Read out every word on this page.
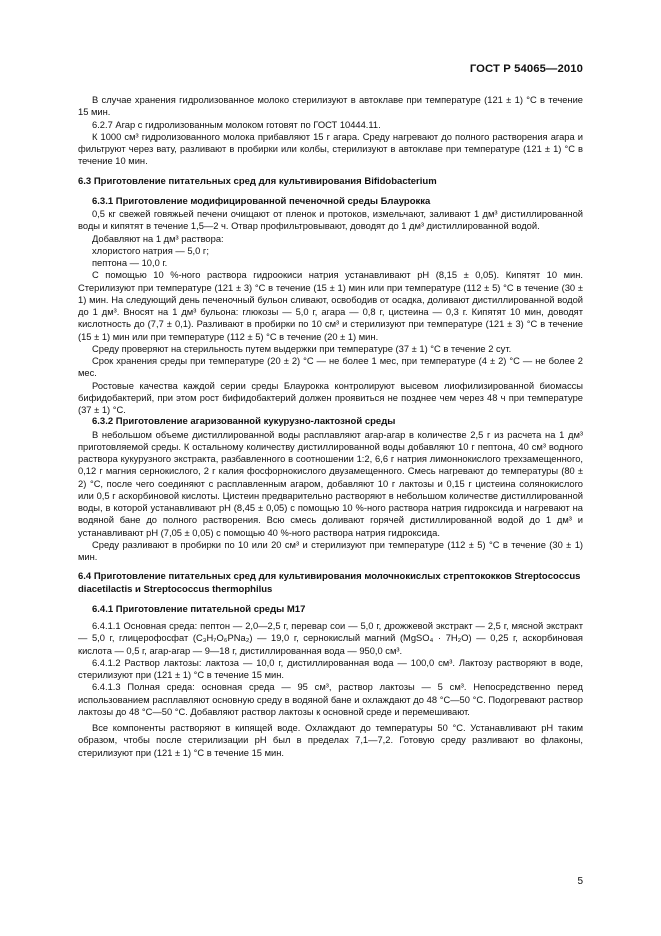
ГОСТ Р 54065—2010

В случае хранения гидролизованное молоко стерилизуют в автоклаве при температуре (121 ± 1) °С в течение 15 мин.

6.2.7 Агар с гидролизованным молоком готовят по ГОСТ 10444.11.

К 1000 см³ гидролизованного молока прибавляют 15 г агара. Среду нагревают до полного растворения агара и фильтруют через вату, разливают в пробирки или колбы, стерилизуют в автоклаве при температуре (121 ± 1) °С в течение 10 мин.

6.3 Приготовление питательных сред для культивирования Bifidobacterium
6.3.1 Приготовление модифицированной печеночной среды Блаурокка

0,5 кг свежей говяжьей печени очищают от пленок и протоков, измельчают, заливают 1 дм³ дистиллированной воды и кипятят в течение 1,5—2 ч. Отвар профильтровывают, доводят до 1 дм³ дистиллированной водой.

Добавляют на 1 дм³ раствора:

хлористого натрия — 5,0 г;

пептона — 10,0 г.

С помощью 10 %-ного раствора гидроокиси натрия устанавливают pH (8,15 ± 0,05). Кипятят 10 мин. Стерилизуют при температуре (121 ± 3) °С в течение (15 ± 1) мин или при температуре (112 ± 5) °С в течение (30 ± 1) мин. На следующий день печеночный бульон сливают, освободив от осадка, доливают дистиллированной водой до 1 дм³. Вносят на 1 дм³ бульона: глюкозы — 5,0 г, агара — 0,8 г, цистеина — 0,3 г. Кипятят 10 мин, доводят кислотность до (7,7 ± 0,1). Разливают в пробирки по 10 см³ и стерилизуют при температуре (121 ± 3) °С в течение (15 ± 1) мин или при температуре (112 ± 5) °С в течение (20 ± 1) мин.

Среду проверяют на стерильность путем выдержки при температуре (37 ± 1) °С в течение 2 сут.

Срок хранения среды при температуре (20 ± 2) °С — не более 1 мес, при температуре (4 ± 2) °С — не более 2 мес.

Ростовые качества каждой серии среды Блаурокка контролируют высевом лиофилизированной биомассы бифидобактерий, при этом рост бифидобактерий должен проявиться не позднее чем через 48 ч при температуре (37 ± 1) °С.

6.3.2 Приготовление агаризованной кукурузно-лактозной среды

В небольшом объеме дистиллированной воды расплавляют агар-агар в количестве 2,5 г из расчета на 1 дм³ приготовляемой среды. К остальному количеству дистиллированной воды добавляют 10 г пептона, 40 см³ водного раствора кукурузного экстракта, разбавленного в соотношении 1:2, 6,6 г натрия лимоннокислого трехзамещенного, 0,12 г магния сернокислого, 2 г калия фосфорнокислого двузамещенного. Смесь нагревают до температуры (80 ± 2) °С, после чего соединяют с расплавленным агаром, добавляют 10 г лактозы и 0,15 г цистеина солянокислого или 0,5 г аскорбиновой кислоты. Цистеин предварительно растворяют в небольшом количестве дистиллированной воды, в которой устанавливают pH (8,45 ± 0,05) с помощью 10 %-ного раствора натрия гидроксида и нагревают на водяной бане до полного растворения. Всю смесь доливают горячей дистиллированной водой до 1 дм³ и устанавливают pH (7,05 ± 0,05) с помощью 40 %-ного раствора натрия гидроксида.

Среду разливают в пробирки по 10 или 20 см³ и стерилизуют при температуре (112 ± 5) °С в течение (30 ± 1) мин.

6.4 Приготовление питательных сред для культивирования молочнокислых стрептококков Streptococcus diacetilactis и Streptococcus thermophilus
6.4.1 Приготовление питательной среды M17

6.4.1.1 Основная среда: пептон — 2,0—2,5 г, перевар сои — 5,0 г, дрожжевой экстракт — 2,5 г, мясной экстракт — 5,0 г, глицерофосфат (C₃H₇O₆PNa₂) — 19,0 г, сернокислый магний (MgSO₄ · 7H₂O) — 0,25 г, аскорбиновая кислота — 0,5 г, агар-агар — 9—18 г, дистиллированная вода — 950,0 см³.

6.4.1.2 Раствор лактозы: лактоза — 10,0 г, дистиллированная вода — 100,0 см³. Лактозу растворяют в воде, стерилизуют при (121 ± 1) °С в течение 15 мин.

6.4.1.3 Полная среда: основная среда — 95 см³, раствор лактозы — 5 см³. Непосредственно перед использованием расплавляют основную среду в водяной бане и охлаждают до 48 °С—50 °С. Подогревают раствор лактозы до 48 °С—50 °С. Добавляют раствор лактозы к основной среде и перемешивают.

Все компоненты растворяют в кипящей воде. Охлаждают до температуры 50 °С. Устанавливают pH таким образом, чтобы после стерилизации pH был в пределах 7,1—7,2. Готовую среду разливают во флаконы, стерилизуют при (121 ± 1) °С в течение 15 мин.

5
